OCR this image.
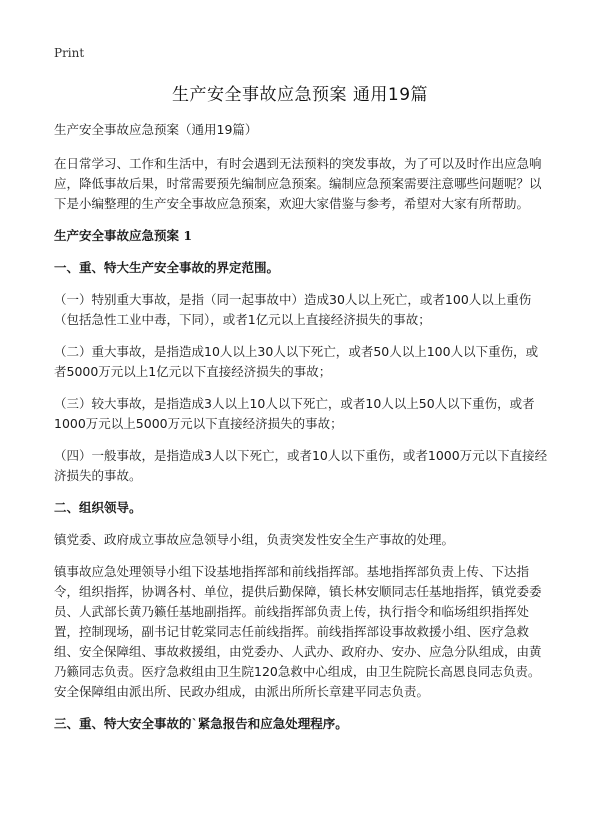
Print
生产安全事故应急预案 通用19篇

生产安全事故应急预案（通用19篇）

在日常学习、工作和生活中，有时会遇到无法预料的突发事故，为了可以及时作出应急响应，降低事故后果，时常需要预先编制应急预案。编制应急预案需要注意哪些问题呢？以下是小编整理的生产安全事故应急预案，欢迎大家借鉴与参考，希望对大家有所帮助。

生产安全事故应急预案 1

一、重、特大生产安全事故的界定范围。

（一）特别重大事故，是指（同一起事故中）造成30人以上死亡，或者100人以上重伤（包括急性工业中毒，下同），或者1亿元以上直接经济损失的事故；

（二）重大事故，是指造成10人以上30人以下死亡，或者50人以上100人以下重伤，或者5000万元以上1亿元以下直接经济损失的事故；

（三）较大事故，是指造成3人以上10人以下死亡，或者10人以上50人以下重伤，或者1000万元以上5000万元以下直接经济损失的事故；

（四）一般事故，是指造成3人以下死亡，或者10人以下重伤，或者1000万元以下直接经济损失的事故。

二、组织领导。

镇党委、政府成立事故应急领导小组，负责突发性安全生产事故的处理。

镇事故应急处理领导小组下设基地指挥部和前线指挥部。基地指挥部负责上传、下达指令，组织指挥，协调各村、单位，提供后勤保障，镇长林安顺同志任基地指挥，镇党委委员、人武部长黄乃籁任基地副指挥。前线指挥部负责上传，执行指令和临场组织指挥处置，控制现场，副书记甘乾棠同志任前线指挥。前线指挥部设事故救援小组、医疗急救组、安全保障组、事故救援组，由党委办、人武办、政府办、安办、应急分队组成，由黄乃籁同志负责。医疗急救组由卫生院120急救中心组成，由卫生院院长高恩良同志负责。安全保障组由派出所、民政办组成，由派出所所长章建平同志负责。

三、重、特大安全事故的`紧急报告和应急处理程序。
